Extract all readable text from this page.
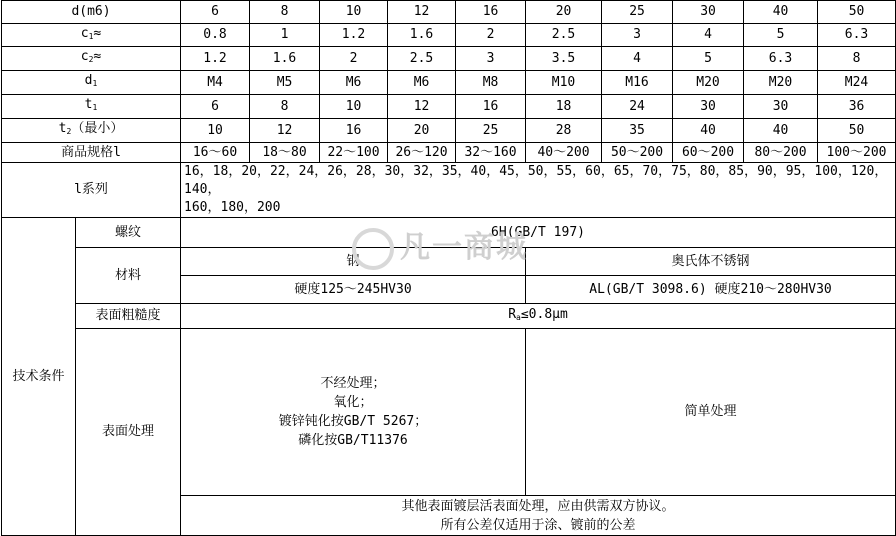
d(m6)		6	8	10	12	16	20	25	30	40	50
$c_1\approx$		0.8	1	1.2	1.6	2	2.5	3	4	5	6.3
$c_2\approx$		1.2	1.6	2	2.5	3	3.5	4	5	6.3	8
$d_1$		M4	M5	M6	M6	M8	M10	M16	M20	M20	M24
$t_1$		6	8	10	12	16	18	24	30	30	36
$t_2$（最小）		10	12	16	20	25	28	35	40	40	50
商品规格l		16～60	18～80	22～100	26～120	32～160	40～200	50～200	60～200	80～200	100～200
l系列		16，18，20，22，24，26，28，30，32，35，40，45，50，55，60，65，70，75，80，85，90，95，100，120，140，
160，180，200									

技术条件	螺纹	6H(GB/T 197)									
	材料	钢					奥氏体不锈钢				
		硬度125～245HV30					AL(GB/T 3098.6) 硬度210～280HV30				
	表面粗糙度	$R_a\le 0.8\mu m$									
	表面处理	不经处理；
氧化；
镀锌钝化按GB/T 5267；
磷化按GB/T11376					简单处理				

		其他表面镀层活表面处理，应由供需双方协议。
所有公差仅适用于涂、镀前的公差									
凡一商城
